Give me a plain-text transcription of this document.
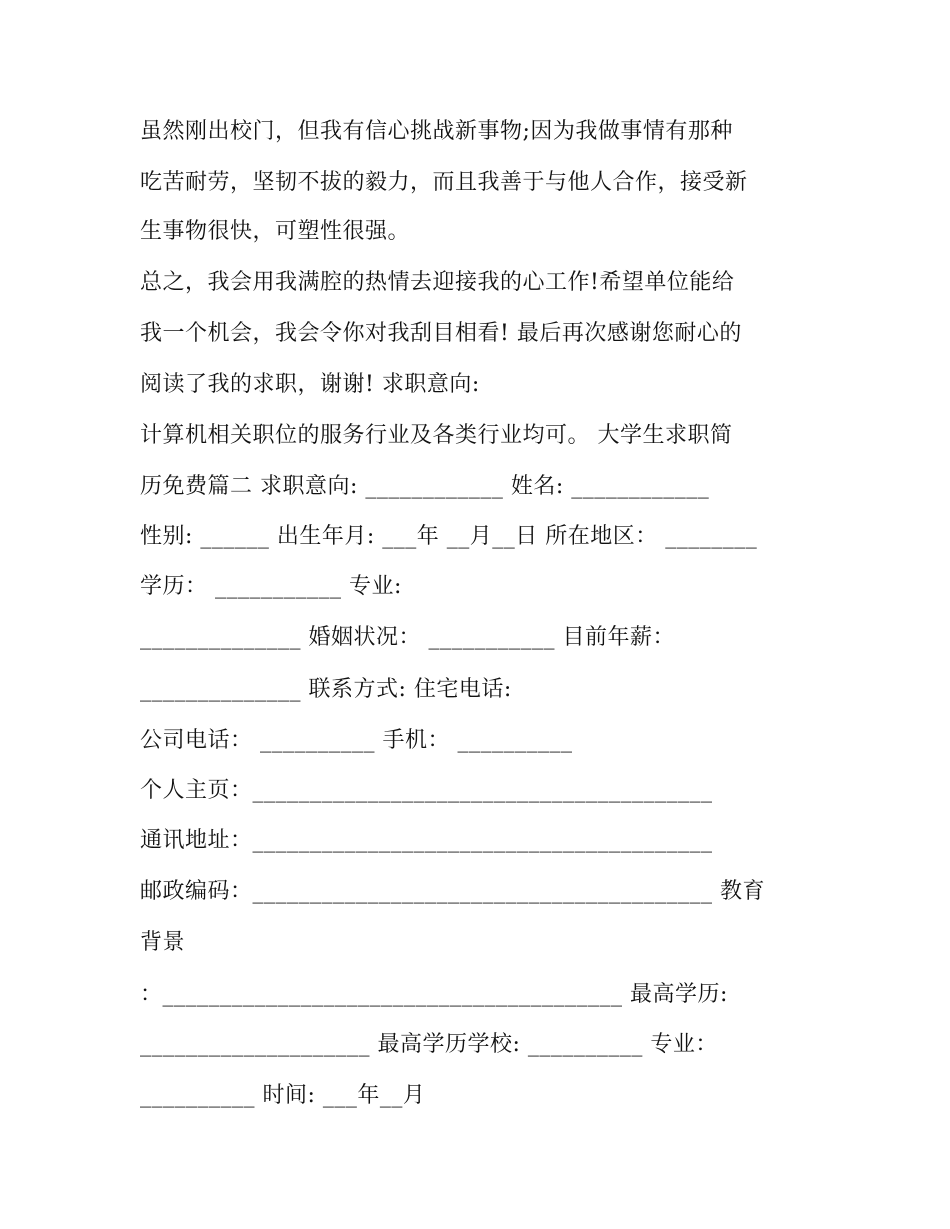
虽然刚出校门，但我有信心挑战新事物;因为我做事情有那种
吃苦耐劳，坚韧不拔的毅力，而且我善于与他人合作，接受新
生事物很快，可塑性很强。
总之，我会用我满腔的热情去迎接我的心工作!希望单位能给
我一个机会，我会令你对我刮目相看! 最后再次感谢您耐心的
阅读了我的求职，谢谢! 求职意向:
计算机相关职位的服务行业及各类行业均可。 大学生求职简
历免费篇二 求职意向: ____________ 姓名: ____________
性别: ______ 出生年月: ___年 __月__日 所在地区： ________
学历： ___________ 专业:
______________ 婚姻状况： ___________ 目前年薪：
______________ 联系方式: 住宅电话:
公司电话： __________ 手机： __________
个人主页：________________________________________
通讯地址：________________________________________
邮政编码：________________________________________ 教育
背景
：________________________________________ 最高学历:
____________________ 最高学历学校: __________ 专业：
__________ 时间: ___年__月
